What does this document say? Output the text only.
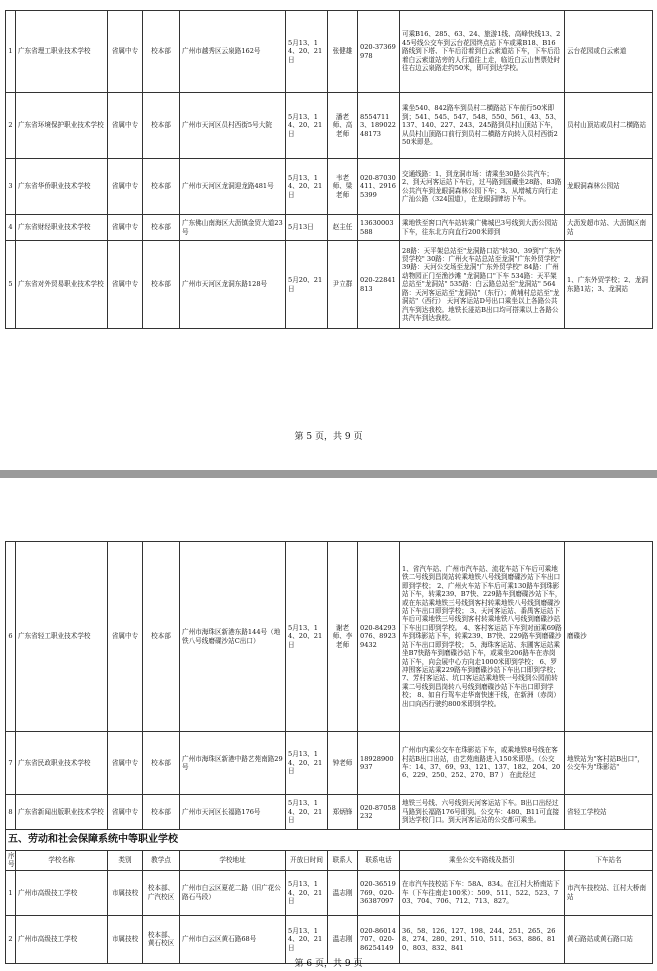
1	广东省理工职业技术学校	省属中专	校本部	广州市越秀区云泉路162号	5月13、14、20、21日	张健雄	020-37369978	可乘B16、285、63、24、旅游1线、高峰快线13、245号线公交车到云台花园终点站下车或乘B18、B16路线到下塔、下车后沿着到白云索道站下车，下车后沿着白云索道站旁的人行道往上走，临近白云山售票处时往右边云泉路走约50米，即可到达学校。	云台花园或白云索道
2	广东省环境保护职业技术学校	省属中专	校本部	广州市天河区员村西街5号大院	5月13、14、20、21日	潘老师、高老师	85547113、18902248173	乘坐540、842路车到员村二横路站下车前行50米即到；541、545、547、548、550、561、43、53、137、140、227、243、245路到员村山顶站下车，从员村山顶路口前行到员村二横路方向转入员村西街250米即是。	员村山顶站或员村二横路站
3	广东省华侨职业技术学校	省属中专	校本部	广州市天河区龙洞迎龙路481号	5月13、14、20、21日	韦老师、梁老师	020-87030411、29165399	交通线路：1、到龙洞市场：请乘坐30路公共汽车；2、到天河客运站下车后，过马路到国藏坐28路、83路公共汽车到龙眼洞森林公园下车；3、从增城方向行走广汕公路（324国道），在龙眼洞牌坊下车。	龙眼洞森林公园站
4	广东省财经职业技术学校	省属中专	校本部	广东佛山南海区大沥镇金贸大道23号	5月13日	赵主任	13630003588	乘地铁至窖口汽车站转乘广佛城巴3号线到大沥公园站下车，往东北方向直行200米即到	大沥发超市站、大沥镇区南站
5	广东省对外贸易职业技术学校	省属中专	校本部	广州市天河区龙洞东路128号	5月20、21日	尹立群	020-22841813	28路：天平架总站至"龙洞路口站"转30、39到"广东外贸学校" 30路：广州火车站总站至龙洞"广东外贸学校" 39路：天河公交场至龙洞"广东外贸学校" 84路：广州动物园正门至渔沙滩 "龙洞路口"下车 534路：天平架总站至"龙洞站" 535路：白云路总站至"龙洞站" 564路：天河客运站至"龙洞站"（东行）；黄埔村总站至"龙洞站"（西行） 天河客运站D号出口乘坐以上各路公共汽车到达我校。地铁长湴站B出口均可搭乘以上各路公共汽车到达我校。	1、广东外贸学校；2、龙洞东路1站；3、龙洞站
第 5 页，共 9 页
6	广东省轻工职业技术学校	省属中专	校本部	广州市海珠区新港东路144号（地铁八号线磨碟沙站C出口）	5月13、14、20、21日	谢老师、李老师	020-84293076、89239432	1、省汽车站、广州市汽车站、流花车站下车后可乘地铁二号线到昌岗站转乘地铁八号线到磨碟沙站下车出口即到学校； 2、广州火车站下车后可乘130路车到珠影站下车，转乘239、B7快、229路车到磨碟沙站下车，或在东站乘地铁三号线到客村转乘地铁八号线到磨碟沙站下车出口即到学校； 3、天河客运站、番禺客运站下车后可乘地铁三号线到客村转乘地铁八号线到磨碟沙站下车出口即到学校。 4、客村客运站下车到对面乘69路车到珠影站下车，转乘239、B7快、229路车到磨碟沙站下车出口即到学校； 5、海珠客运站、东圃客运站乘坐B7快路车到磨碟沙站下车，或乘坐206路车在赤岗站下车，向会展中心方向走1000米即到学校； 6、罗冲围客运站乘229路车到磨碟沙站下车出口即到学校； 7、芳村客运站、坑口客运站乘地铁一号线到公园前转乘二号线到昌岗转八号线到磨碟沙站下车出口即到学校； 8、如自行驾车走华南快速干线，在新洲（赤岗）出口向西行驶约800米即到学校。	磨碟沙
7	广东省民政职业技术学校	省属中专	校本部	广州市海珠区新港中路艺苑南路29号	5月13、14、20、21日	钟老师	18928900937	广州市内乘公交车在珠影站下车，或乘地铁8号线在客村站B出口出站，由艺苑南路进入150米即是。（公交车：14、37、69、93、121、137、182、204、206、229、250、252、270、B7 ） 在此经过	地铁站为"客村站B出口"，公交车为"珠影站"
8	广东省新闻出版职业技术学校	省属中专	校本部	广州市天河区长福路176号	5月13、14、20、21日	郑炳锋	020-87058232	地铁三号线、六号线到天河客运站下车。B出口出经过马路到长福路176号即到。公交车：480、B11可直接到达学校门口。到天河客运站的公交都可乘坐。	省轻工学校站
五、劳动和社会保障系统中等职业学校									
序号	学校名称	类别	教学点	学校地址	开放日时间	联系人	联系电话	乘坐公交车路线及指引	下车站名
1	广州市高级技工学校	市属技校	校本部、广汽校区	广州市白云区夏花二路（旧广花公路石马段）	5月13、14、20、21日	温志刚	020-36519769、020-36387097	在市汽车技校站下车：58A、834。在江村大桥南站下车（下车往南走100米）：509、511、522、523、703、704、706、712、713、827。	市汽车技校站、江村大桥南站
2	广州市高级技工学校	市属技校	校本部、黄石校区	广州市白云区黄石路68号	5月13、14、20、21日	温志刚	020-86014707、020-86254149	36、58、126、127、198、244、251、265、268、274、280、291、510、511、563、886、810、803、832、841	黄石路站或黄石路口站
第 6 页，共 9 页
